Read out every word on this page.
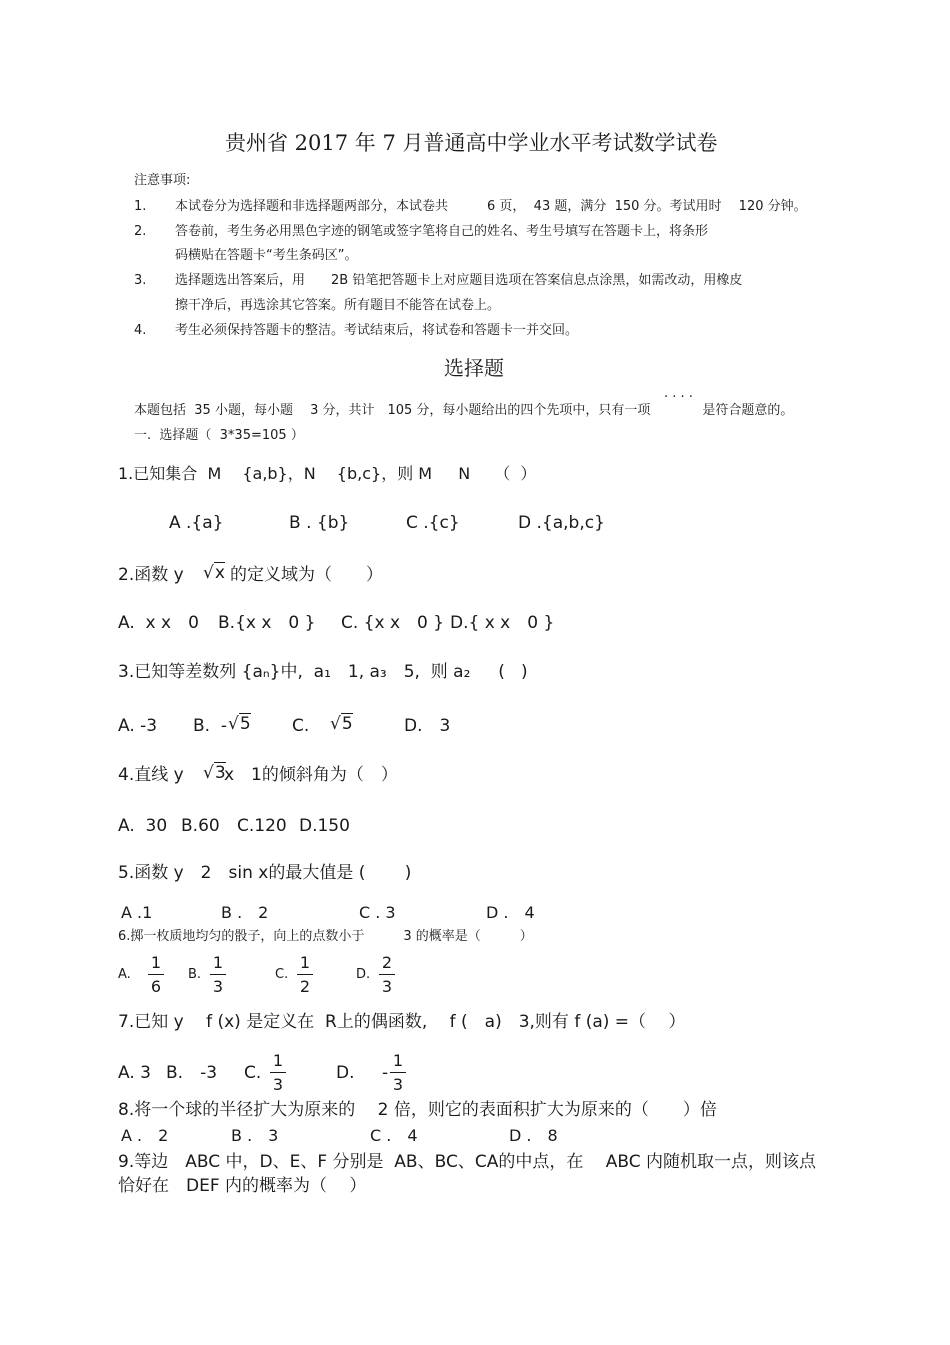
贵州省 2017 年 7 月普通高中学业水平考试数学试卷
注意事项:
1. 本试卷分为选择题和非选择题两部分，本试卷共　　　6 页，  43 题，满分  150 分。考试用时　 120 分钟。
2. 答卷前，考生务必用黑色字迹的钢笔或签字笔将自己的姓名、考生号填写在答题卡上，将条形
码横贴在答题卡“考生条码区”。
3. 选择题选出答案后，用　　2B 铅笔把答题卡上对应题目选项在答案信息点涂黑，如需改动，用橡皮
擦干净后，再选涂其它答案。所有题目不能答在试卷上。
4. 考生必须保持答题卡的整洁。考试结束后，将试卷和答题卡一并交回。
选择题
· · · ·
本题包括  35 小题，每小题　 3 分，共计　105 分，每小题给出的四个先项中，只有一项　　　　是符合题意的。
一.  选择题（  3*35=105 ）
1.已知集合  M　 {a,b}，N　 {b,c}，则 M　  N　　（  ）
A .{a}	B . {b}	C .{c}	D .{a,b,c}
2.函数 y √x 的定义域为（　　）
A.  x x　0 B.{x x　0 } C. {x x　0 } D.{ x x　0 }
3.已知等差数列 {aₙ}中,  a₁　1, a₃　5,  则 a₂　  (   )
A. -3 B.  - √5 C. √5	D.　3
4.直线 y √3
x　1的倾斜角为（　）
A.  30 B.60 C.120 D.150
5.函数 y　2　sin x的最大值是 (　　 )
A .1	B .　2	C . 3	D .　4
6.掷一枚质地均匀的骰子，向上的点数小于　　　3 的概率是（　　　）
A.
1
6
B.
1
3
C.
1
2
D.
2
3
7.已知 y　 f (x) 是定义在  R上的偶函数,　 f (　a)　3,则有 f (a) =（　 ）
A. 3 B.　-3 C.
1
3
D. -
1
3
8.将一个球的半径扩大为原来的　 2 倍，则它的表面积扩大为原来的（　　）倍
A .　2	B .　3	C .　4	D .　8
9.等边　ABC 中，D、E、F 分别是  AB、BC、CA的中点，在　 ABC 内随机取一点，则该点
恰好在　DEF 内的概率为（　 ）
